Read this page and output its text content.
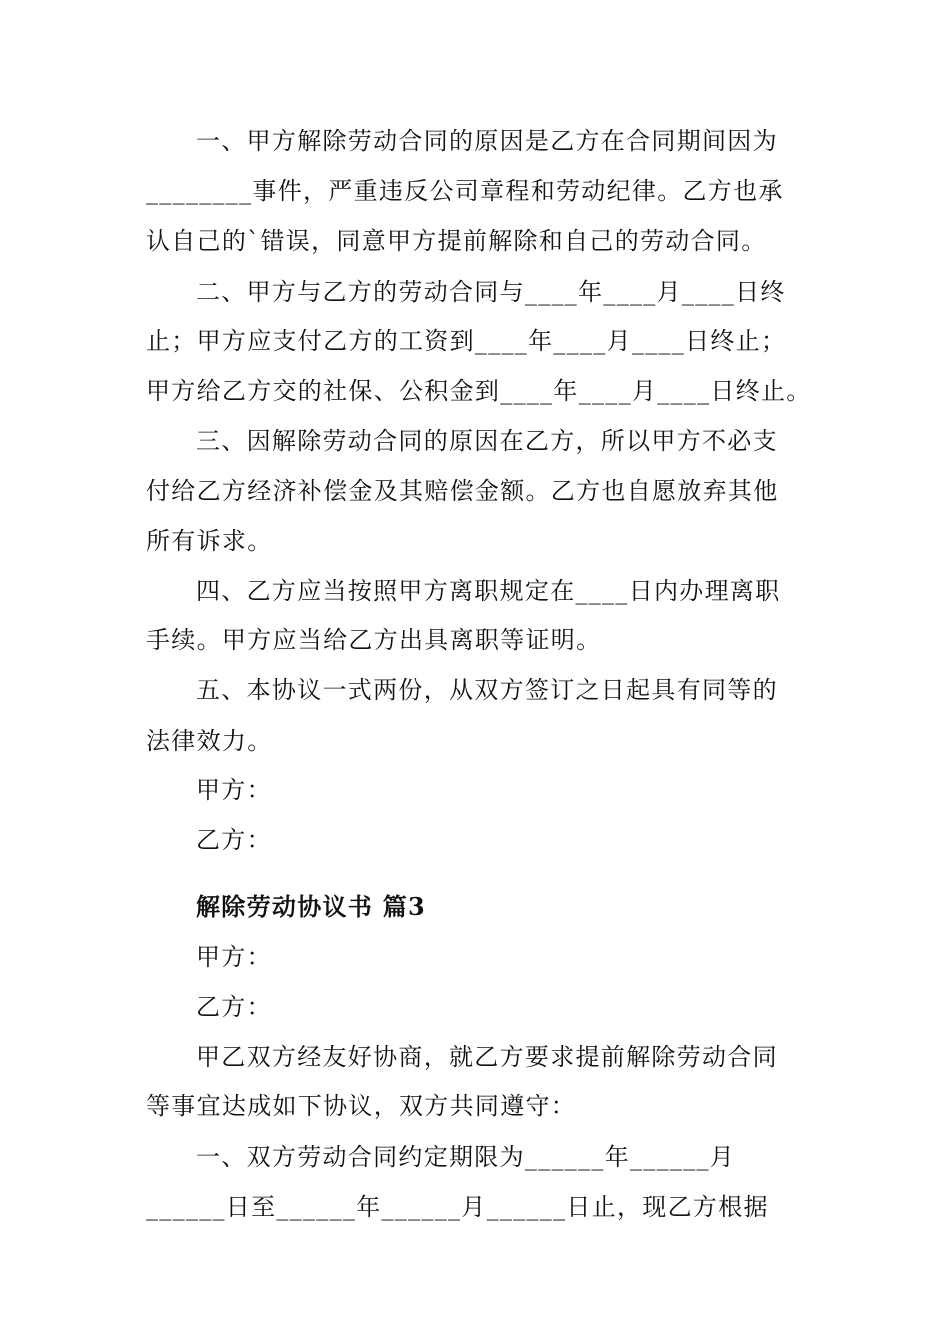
一、甲方解除劳动合同的原因是乙方在合同期间因为
________事件，严重违反公司章程和劳动纪律。乙方也承
认自己的`错误，同意甲方提前解除和自己的劳动合同。
二、甲方与乙方的劳动合同与____年____月____日终
止；甲方应支付乙方的工资到____年____月____日终止；
甲方给乙方交的社保、公积金到____年____月____日终止。
三、因解除劳动合同的原因在乙方，所以甲方不必支
付给乙方经济补偿金及其赔偿金额。乙方也自愿放弃其他
所有诉求。
四、乙方应当按照甲方离职规定在____日内办理离职
手续。甲方应当给乙方出具离职等证明。
五、本协议一式两份，从双方签订之日起具有同等的
法律效力。
甲方：
乙方：
解除劳动协议书 篇3
甲方：
乙方：
甲乙双方经友好协商，就乙方要求提前解除劳动合同
等事宜达成如下协议，双方共同遵守：
一、双方劳动合同约定期限为______年______月
______日至______年______月______日止，现乙方根据
